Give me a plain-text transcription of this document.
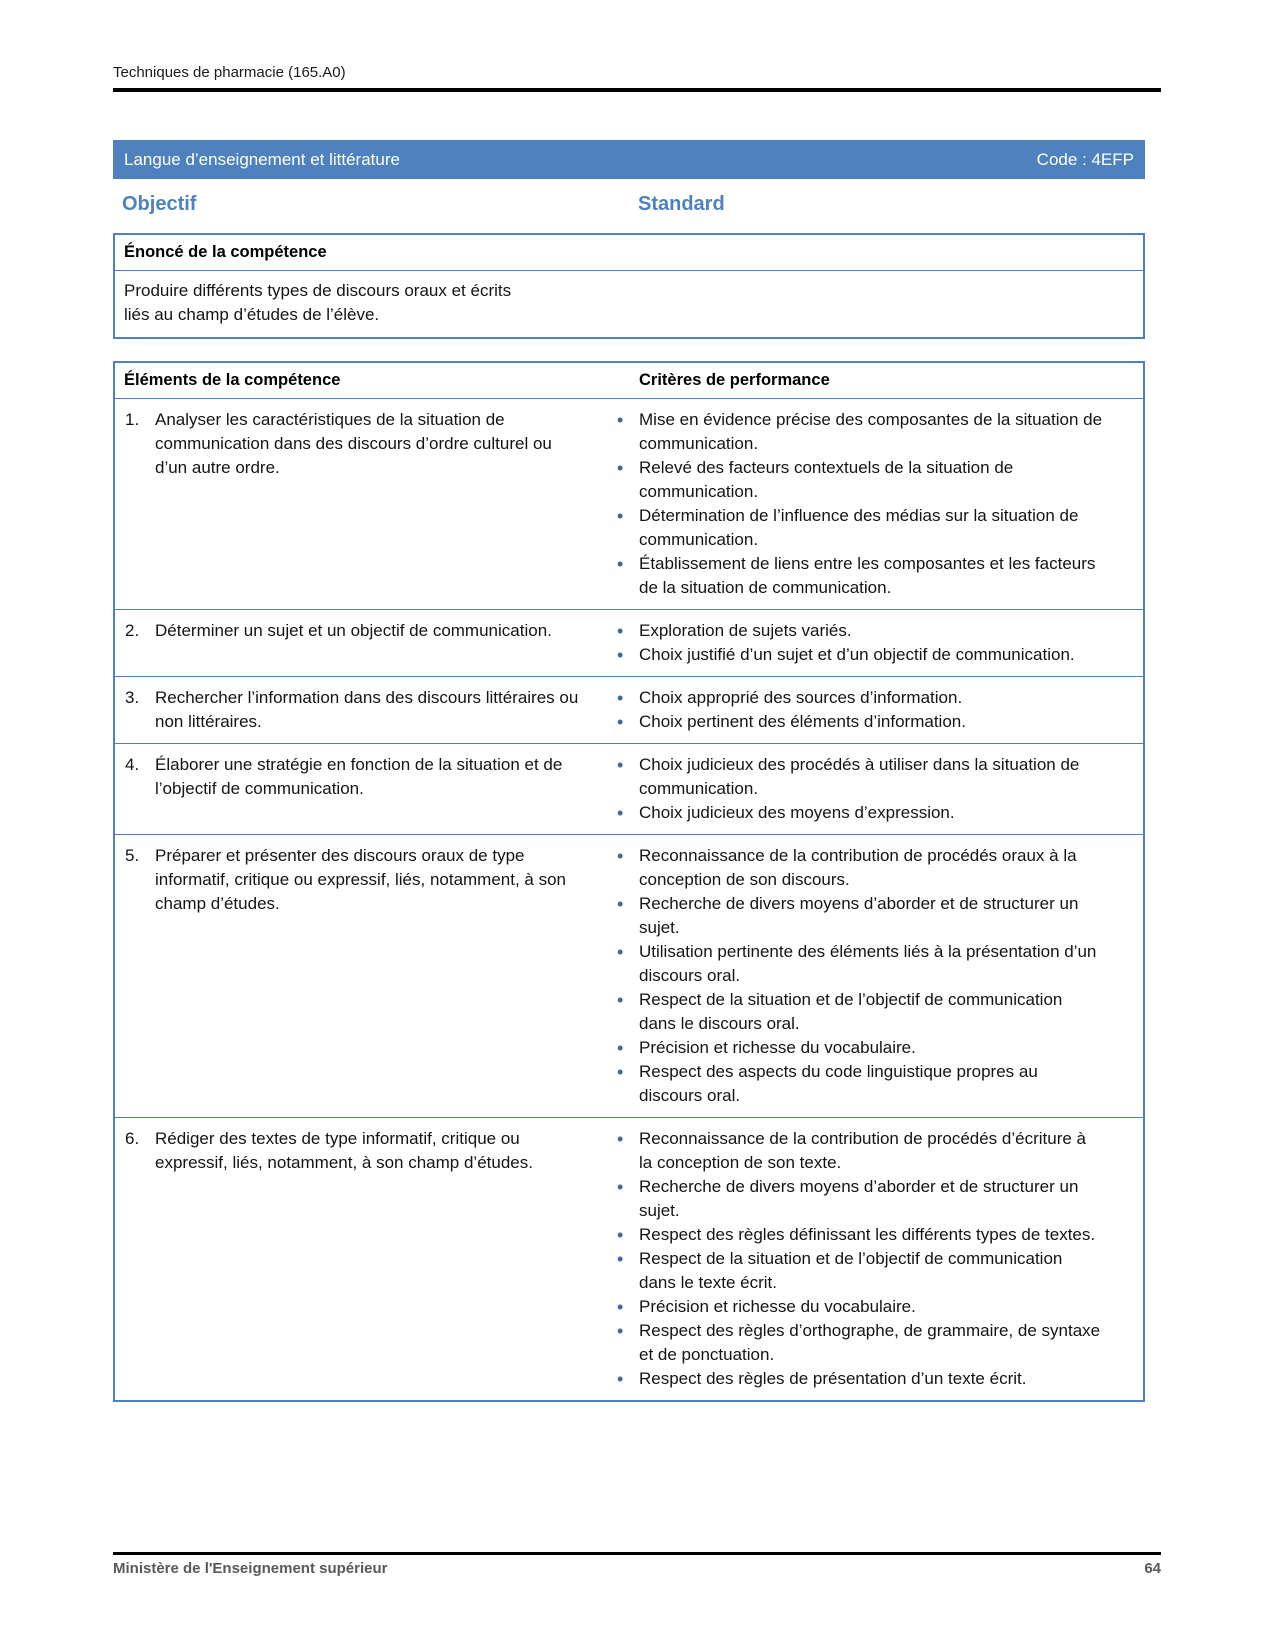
Techniques de pharmacie (165.A0)
Langue d’enseignement et littérature	Code : 4EFP
Objectif	Standard
Énoncé de la compétence
Produire différents types de discours oraux et écrits
liés au champ d’études de l’élève.
Éléments de la compétence	Critères de performance
1. Analyser les caractéristiques de la situation de communication dans des discours d’ordre culturel ou d’un autre ordre.
• Mise en évidence précise des composantes de la situation de communication.
• Relevé des facteurs contextuels de la situation de communication.
• Détermination de l’influence des médias sur la situation de communication.
• Établissement de liens entre les composantes et les facteurs de la situation de communication.
2. Déterminer un sujet et un objectif de communication.	• Exploration de sujets variés.
• Choix justifié d’un sujet et d’un objectif de communication.
3. Rechercher l’information dans des discours littéraires ou non littéraires.
• Choix approprié des sources d’information.
• Choix pertinent des éléments d’information.
4. Élaborer une stratégie en fonction de la situation et de l’objectif de communication.
• Choix judicieux des procédés à utiliser dans la situation de communication.
• Choix judicieux des moyens d’expression.
5. Préparer et présenter des discours oraux de type informatif, critique ou expressif, liés, notamment, à son champ d’études.
• Reconnaissance de la contribution de procédés oraux à la conception de son discours.
• Recherche de divers moyens d’aborder et de structurer un sujet.
• Utilisation pertinente des éléments liés à la présentation d’un discours oral.
• Respect de la situation et de l’objectif de communication dans le discours oral.
• Précision et richesse du vocabulaire.
• Respect des aspects du code linguistique propres au discours oral.
6. Rédiger des textes de type informatif, critique ou expressif, liés, notamment, à son champ d’études.
• Reconnaissance de la contribution de procédés d’écriture à la conception de son texte.
• Recherche de divers moyens d’aborder et de structurer un sujet.
• Respect des règles définissant les différents types de textes.
• Respect de la situation et de l’objectif de communication dans le texte écrit.
• Précision et richesse du vocabulaire.
• Respect des règles d’orthographe, de grammaire, de syntaxe et de ponctuation.
• Respect des règles de présentation d’un texte écrit.
Ministère de l'Enseignement supérieur	64
